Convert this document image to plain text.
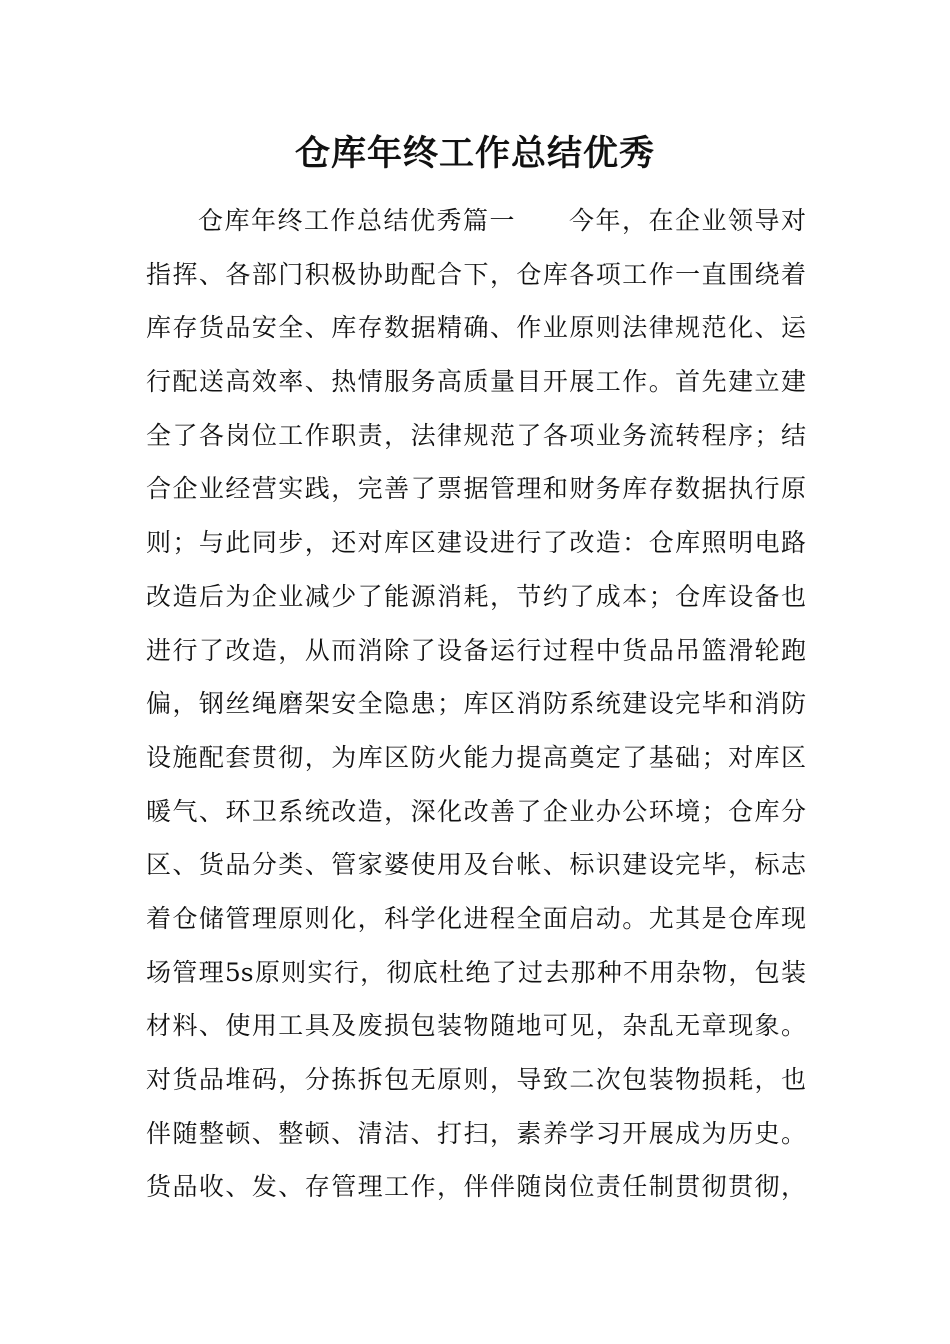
仓库年终工作总结优秀
仓库年终工作总结优秀篇一　　今年，在企业领导对
指挥、各部门积极协助配合下，仓库各项工作一直围绕着
库存货品安全、库存数据精确、作业原则法律规范化、运
行配送高效率、热情服务高质量目开展工作。首先建立建
全了各岗位工作职责，法律规范了各项业务流转程序；结
合企业经营实践，完善了票据管理和财务库存数据执行原
则；与此同步，还对库区建设进行了改造：仓库照明电路
改造后为企业减少了能源消耗，节约了成本；仓库设备也
进行了改造，从而消除了设备运行过程中货品吊篮滑轮跑
偏，钢丝绳磨架安全隐患；库区消防系统建设完毕和消防
设施配套贯彻，为库区防火能力提高奠定了基础；对库区
暖气、环卫系统改造，深化改善了企业办公环境；仓库分
区、货品分类、管家婆使用及台帐、标识建设完毕，标志
着仓储管理原则化，科学化进程全面启动。尤其是仓库现
场管理5s原则实行，彻底杜绝了过去那种不用杂物，包装
材料、使用工具及废损包装物随地可见，杂乱无章现象。
对货品堆码，分拣拆包无原则，导致二次包装物损耗，也
伴随整顿、整顿、清洁、打扫，素养学习开展成为历史。
货品收、发、存管理工作，伴伴随岗位责任制贯彻贯彻，
